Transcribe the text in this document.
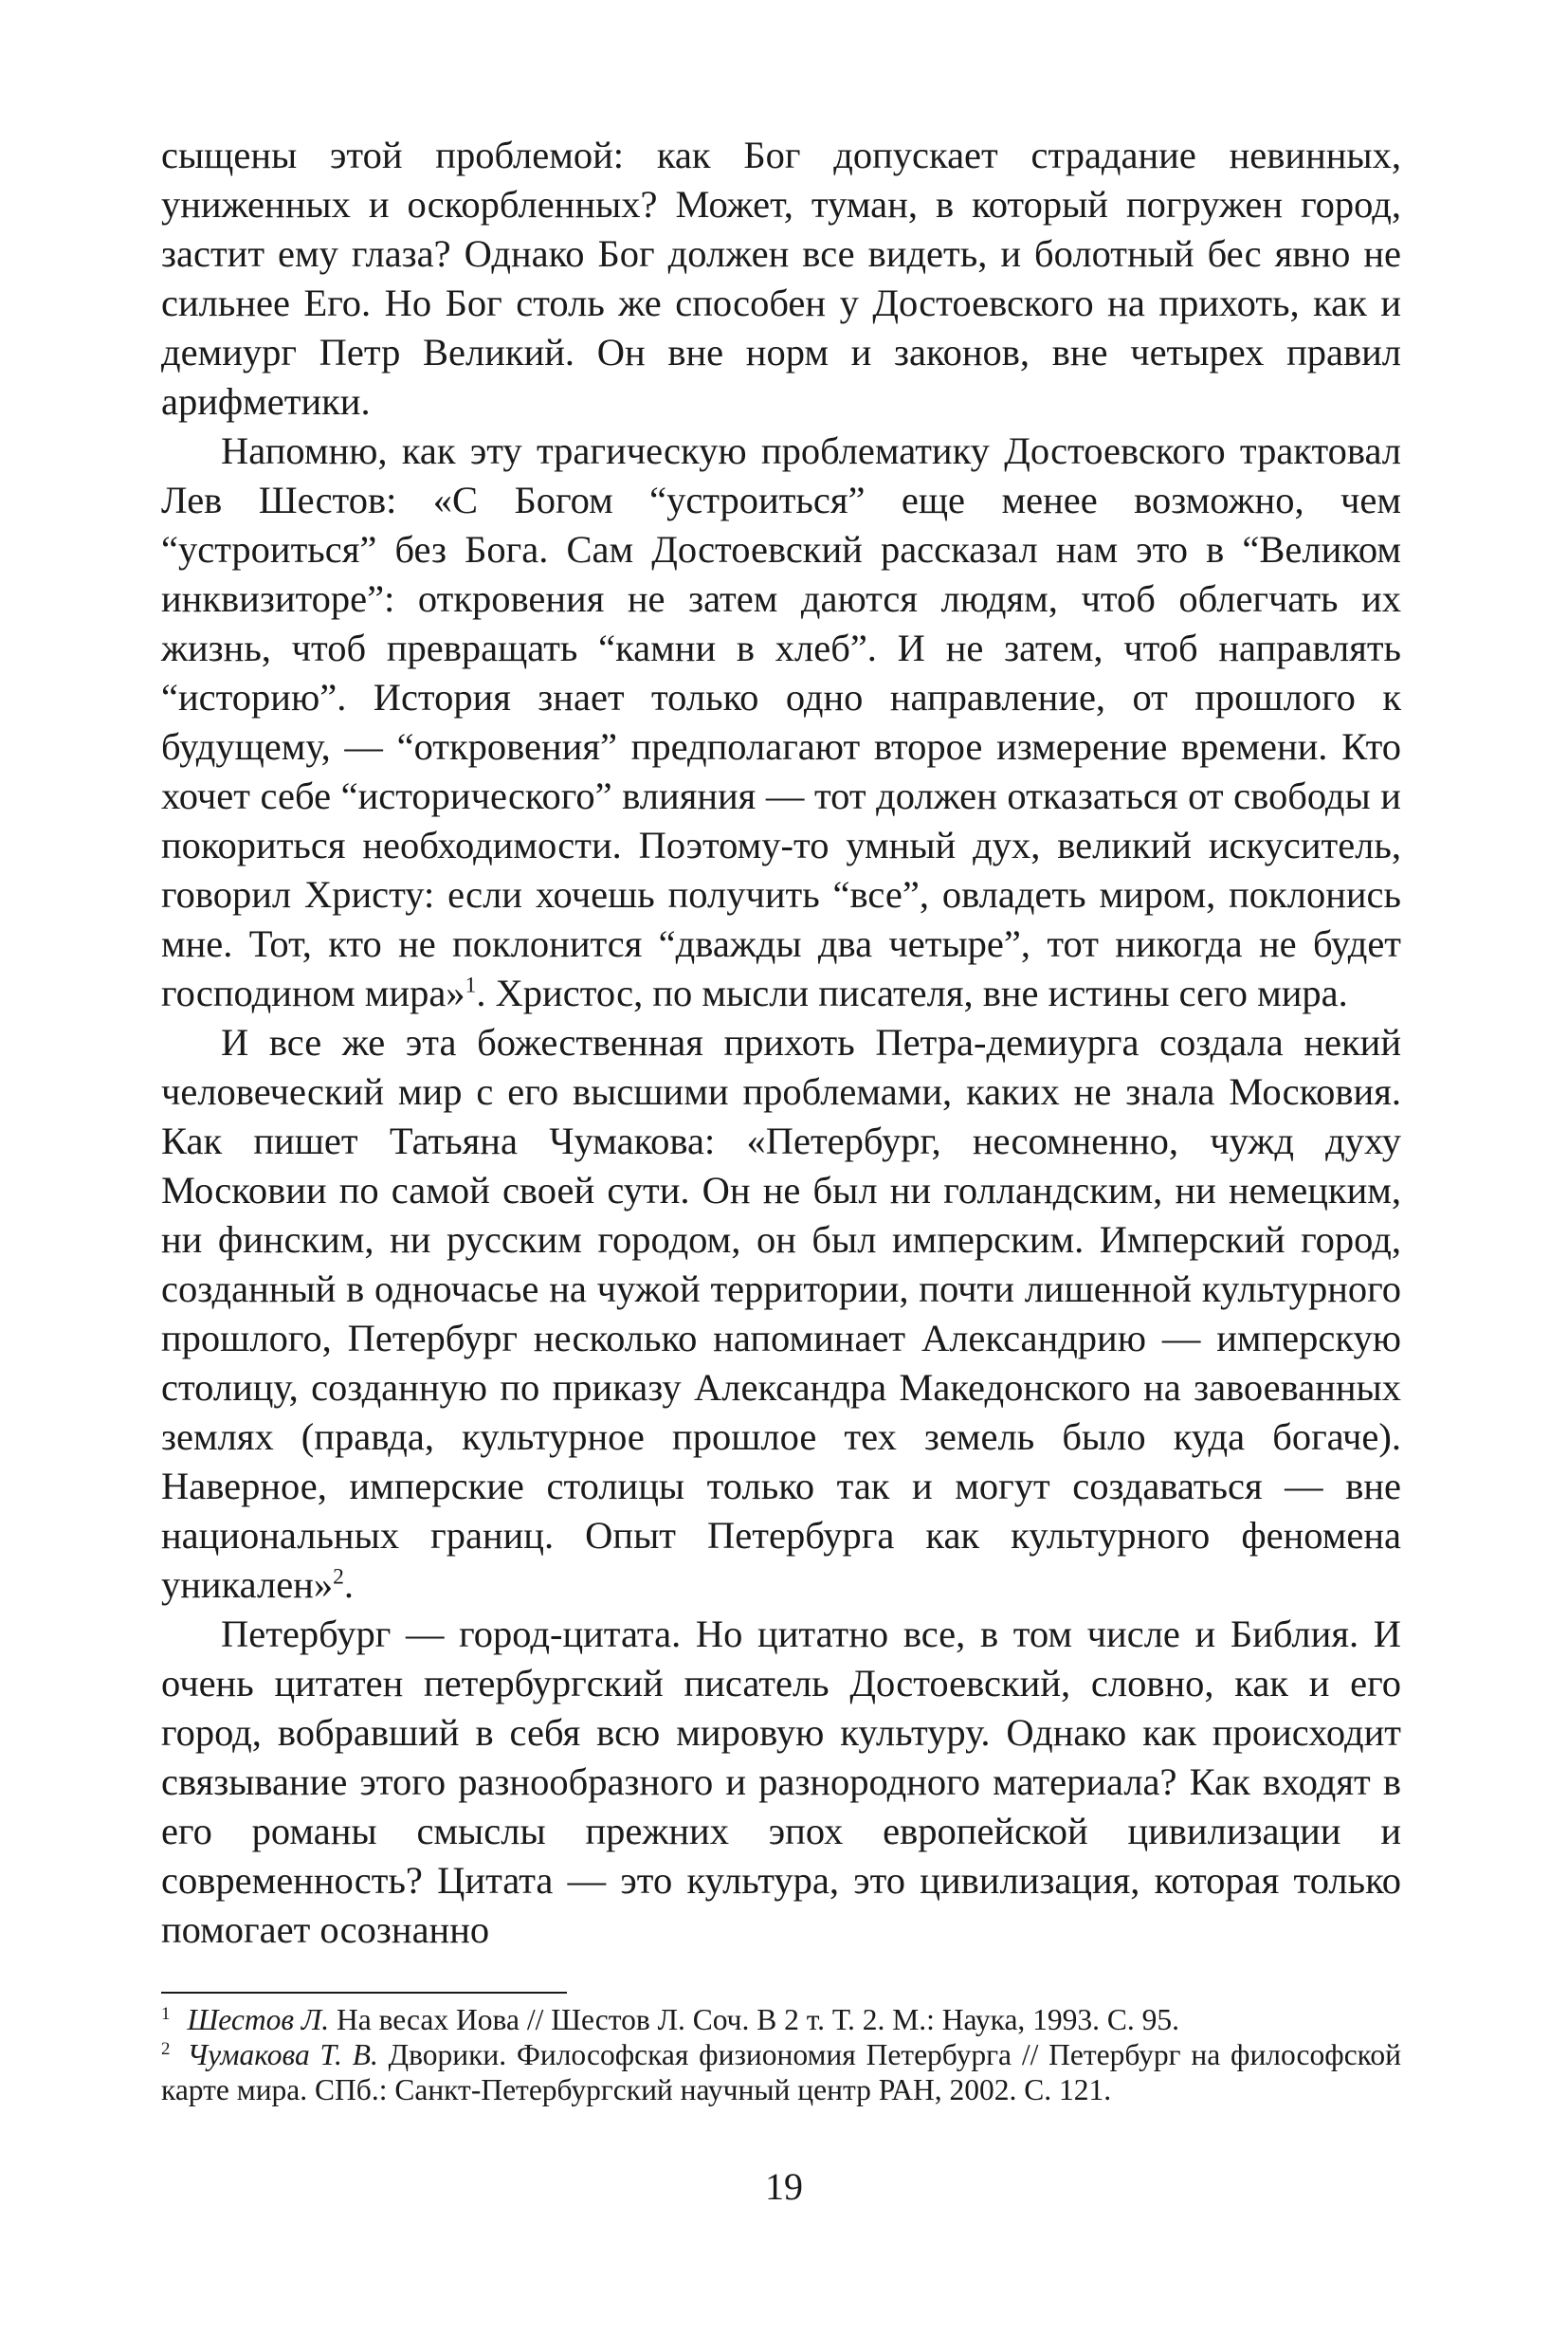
сыщены этой проблемой: как Бог допускает страдание невинных, униженных и оскорбленных? Может, туман, в который погружен город, застит ему глаза? Однако Бог должен все видеть, и болотный бес явно не сильнее Его. Но Бог столь же способен у Достоевского на прихоть, как и демиург Петр Великий. Он вне норм и законов, вне четырех правил арифметики.

Напомню, как эту трагическую проблематику Достоевского трактовал Лев Шестов: «С Богом “устроиться” еще менее возможно, чем “устроиться” без Бога. Сам Достоевский рассказал нам это в “Великом инквизиторе”: откровения не затем даются людям, чтоб облегчать их жизнь, чтоб превращать “камни в хлеб”. И не затем, чтоб направлять “историю”. История знает только одно направление, от прошлого к будущему, — “откровения” предполагают второе измерение времени. Кто хочет себе “исторического” влияния — тот должен отказаться от свободы и покориться необходимости. Поэтому-то умный дух, великий искуситель, говорил Христу: если хочешь получить “все”, овладеть миром, поклонись мне. Тот, кто не поклонится “дважды два четыре”, тот никогда не будет господином мира»$^1$. Христос, по мысли писателя, вне истины сего мира.

И все же эта божественная прихоть Петра-демиурга создала некий человеческий мир с его высшими проблемами, каких не знала Московия. Как пишет Татьяна Чумакова: «Петербург, несомненно, чужд духу Московии по самой своей сути. Он не был ни голландским, ни немецким, ни финским, ни русским городом, он был имперским. Имперский город, созданный в одночасье на чужой территории, почти лишенной культурного прошлого, Петербург несколько напоминает Александрию — имперскую столицу, созданную по приказу Александра Македонского на завоеванных землях (правда, культурное прошлое тех земель было куда богаче). Наверное, имперские столицы только так и могут создаваться — вне национальных границ. Опыт Петербурга как культурного феномена уникален»$^2$.

Петербург — город-цитата. Но цитатно все, в том числе и Библия. И очень цитатен петербургский писатель Достоевский, словно, как и его город, вобравший в себя всю мировую культуру. Однако как происходит связывание этого разнообразного и разнородного материала? Как входят в его романы смыслы прежних эпох европейской цивилизации и современность? Цитата — это культура, это цивилизация, которая только помогает осознанно

$^1$ Шестов Л. На весах Иова // Шестов Л. Соч. В 2 т. Т. 2. М.: Наука, 1993. С. 95.

$^2$ Чумакова Т. В. Дворики. Философская физиономия Петербурга // Петербург на философской карте мира. СПб.: Санкт-Петербургский научный центр РАН, 2002. С. 121.

19
